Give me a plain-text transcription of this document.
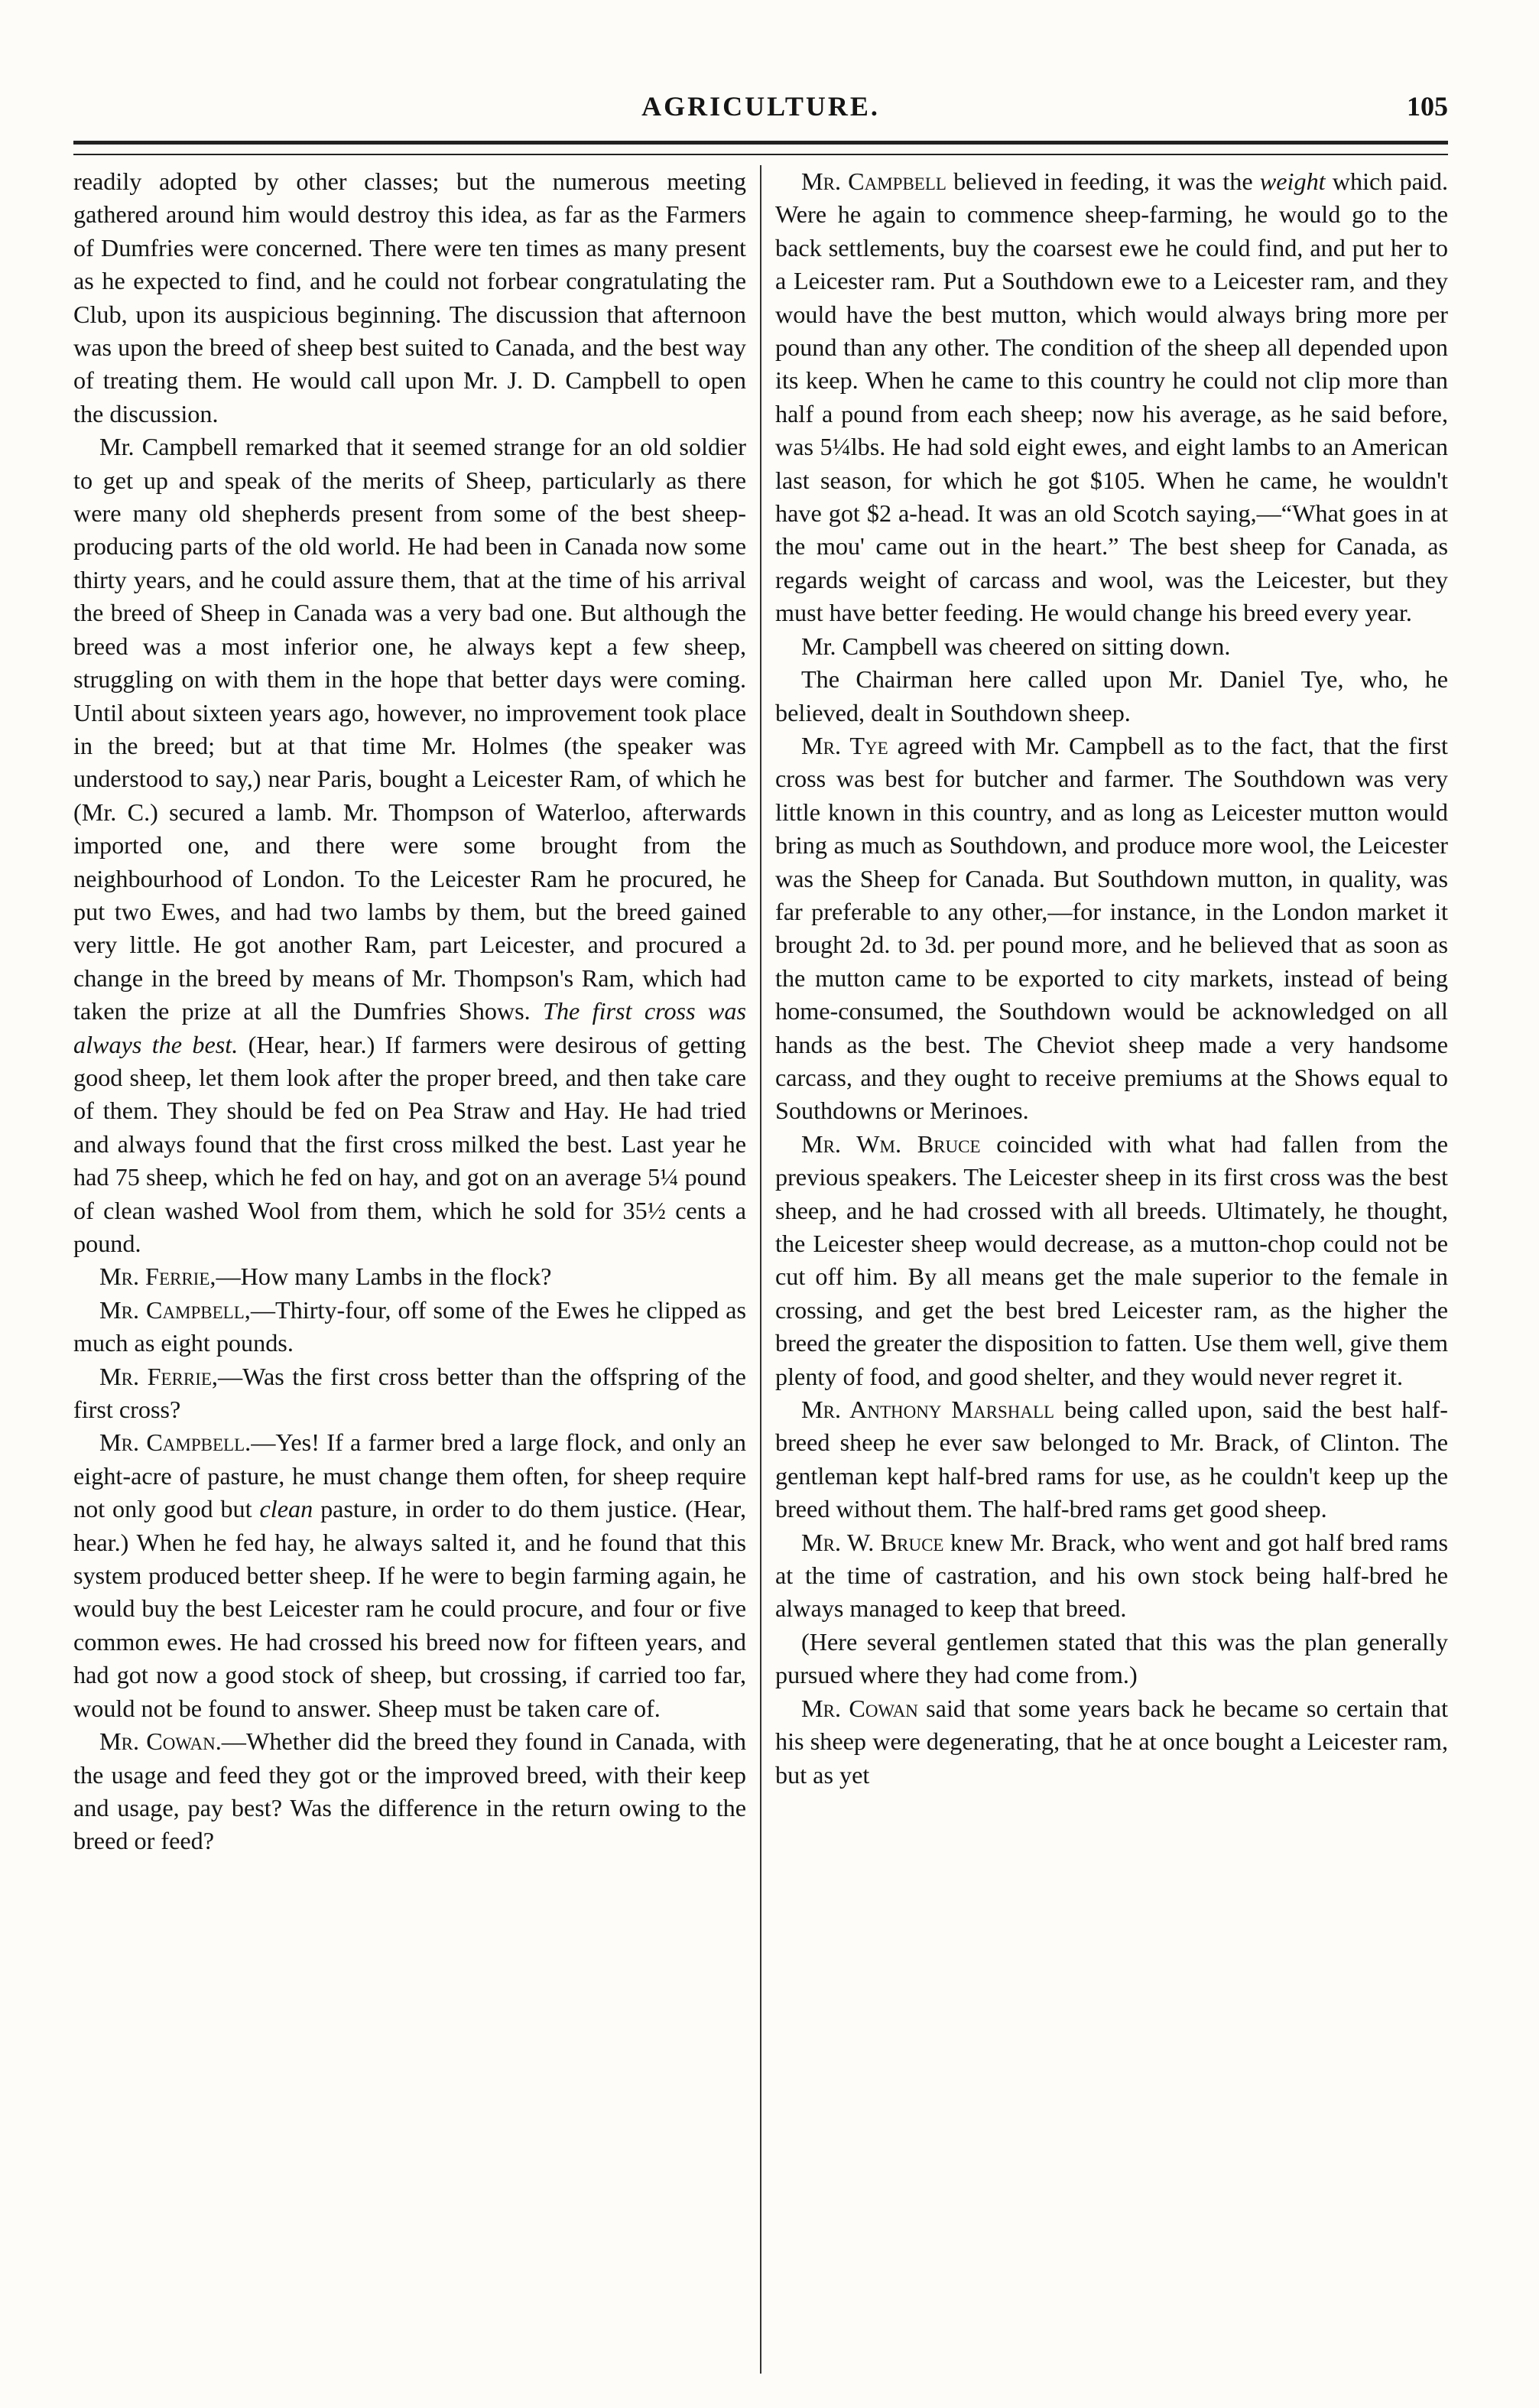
AGRICULTURE.	105

readily adopted by other classes; but the numerous meeting gathered around him would destroy this idea, as far as the Farmers of Dumfries were concerned. There were ten times as many present as he expected to find, and he could not forbear congratulating the Club, upon its auspicious beginning. The discussion that afternoon was upon the breed of sheep best suited to Canada, and the best way of treating them. He would call upon Mr. J. D. Campbell to open the discussion.

Mr. Campbell remarked that it seemed strange for an old soldier to get up and speak of the merits of Sheep, particularly as there were many old shepherds present from some of the best sheep-producing parts of the old world. He had been in Canada now some thirty years, and he could assure them, that at the time of his arrival the breed of Sheep in Canada was a very bad one. But although the breed was a most inferior one, he always kept a few sheep, struggling on with them in the hope that better days were coming. Until about sixteen years ago, however, no improvement took place in the breed; but at that time Mr. Holmes (the speaker was understood to say,) near Paris, bought a Leicester Ram, of which he (Mr. C.) secured a lamb. Mr. Thompson of Waterloo, afterwards imported one, and there were some brought from the neighbourhood of London. To the Leicester Ram he procured, he put two Ewes, and had two lambs by them, but the breed gained very little. He got another Ram, part Leicester, and procured a change in the breed by means of Mr. Thompson's Ram, which had taken the prize at all the Dumfries Shows. The first cross was always the best. (Hear, hear.) If farmers were desirous of getting good sheep, let them look after the proper breed, and then take care of them. They should be fed on Pea Straw and Hay. He had tried and always found that the first cross milked the best. Last year he had 75 sheep, which he fed on hay, and got on an average 5¼ pound of clean washed Wool from them, which he sold for 35½ cents a pound.

Mr. Ferrie,—How many Lambs in the flock?

Mr. Campbell,—Thirty-four, off some of the Ewes he clipped as much as eight pounds.

Mr. Ferrie,—Was the first cross better than the offspring of the first cross?

Mr. Campbell.—Yes! If a farmer bred a large flock, and only an eight-acre of pasture, he must change them often, for sheep require not only good but clean pasture, in order to do them justice. (Hear, hear.) When he fed hay, he always salted it, and he found that this system produced better sheep. If he were to begin farming again, he would buy the best Leicester ram he could procure, and four or five common ewes. He had crossed his breed now for fifteen years, and had got now a good stock of sheep, but crossing, if carried too far, would not be found to answer. Sheep must be taken care of.

Mr. Cowan.—Whether did the breed they found in Canada, with the usage and feed they got or the improved breed, with their keep and usage, pay best? Was the difference in the return owing to the breed or feed?

Mr. Campbell believed in feeding, it was the weight which paid. Were he again to commence sheep-farming, he would go to the back settlements, buy the coarsest ewe he could find, and put her to a Leicester ram. Put a Southdown ewe to a Leicester ram, and they would have the best mutton, which would always bring more per pound than any other. The condition of the sheep all depended upon its keep. When he came to this country he could not clip more than half a pound from each sheep; now his average, as he said before, was 5¼lbs. He had sold eight ewes, and eight lambs to an American last season, for which he got $105. When he came, he wouldn't have got $2 a-head. It was an old Scotch saying,—“What goes in at the mou' came out in the heart.” The best sheep for Canada, as regards weight of carcass and wool, was the Leicester, but they must have better feeding. He would change his breed every year.

Mr. Campbell was cheered on sitting down.

The Chairman here called upon Mr. Daniel Tye, who, he believed, dealt in Southdown sheep.

Mr. Tye agreed with Mr. Campbell as to the fact, that the first cross was best for butcher and farmer. The Southdown was very little known in this country, and as long as Leicester mutton would bring as much as Southdown, and produce more wool, the Leicester was the Sheep for Canada. But Southdown mutton, in quality, was far preferable to any other,—for instance, in the London market it brought 2d. to 3d. per pound more, and he believed that as soon as the mutton came to be exported to city markets, instead of being home-consumed, the Southdown would be acknowledged on all hands as the best. The Cheviot sheep made a very handsome carcass, and they ought to receive premiums at the Shows equal to Southdowns or Merinoes.

Mr. Wm. Bruce coincided with what had fallen from the previous speakers. The Leicester sheep in its first cross was the best sheep, and he had crossed with all breeds. Ultimately, he thought, the Leicester sheep would decrease, as a mutton-chop could not be cut off him. By all means get the male superior to the female in crossing, and get the best bred Leicester ram, as the higher the breed the greater the disposition to fatten. Use them well, give them plenty of food, and good shelter, and they would never regret it.

Mr. Anthony Marshall being called upon, said the best half-breed sheep he ever saw belonged to Mr. Brack, of Clinton. The gentleman kept half-bred rams for use, as he couldn't keep up the breed without them. The half-bred rams get good sheep.

Mr. W. Bruce knew Mr. Brack, who went and got half bred rams at the time of castration, and his own stock being half-bred he always managed to keep that breed.

(Here several gentlemen stated that this was the plan generally pursued where they had come from.)

Mr. Cowan said that some years back he became so certain that his sheep were degenerating, that he at once bought a Leicester ram, but as yet
